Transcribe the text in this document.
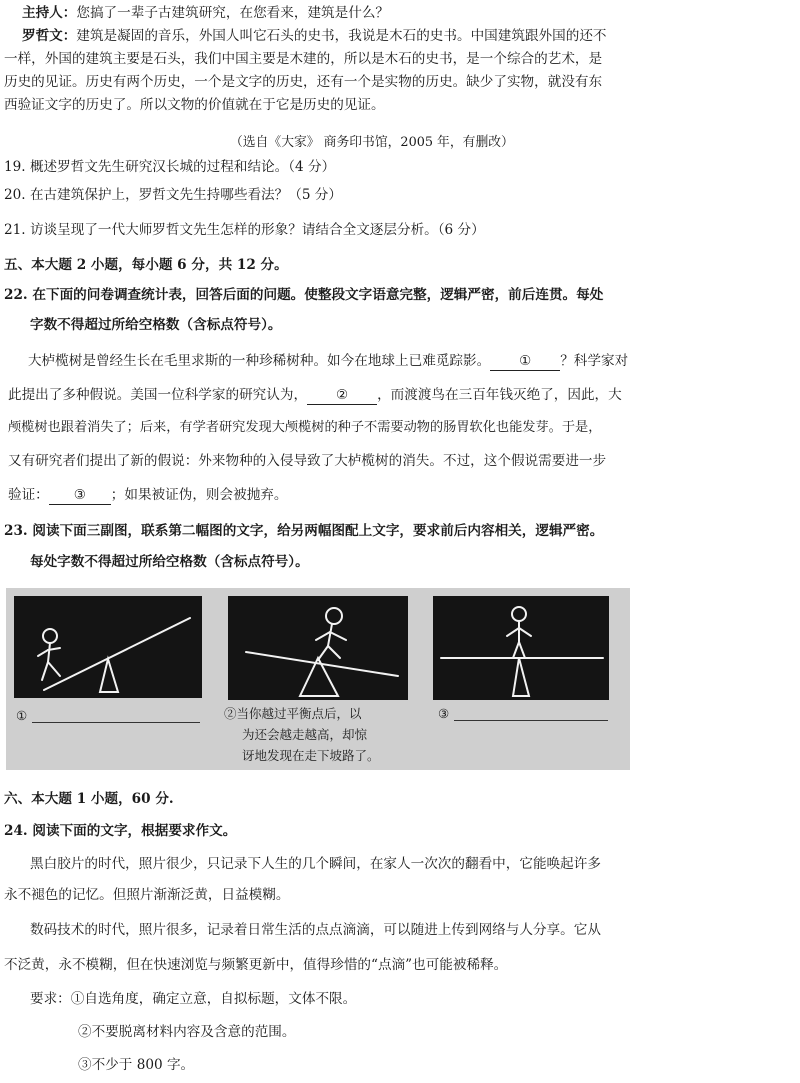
主持人：您搞了一辈子古建筑研究，在您看来，建筑是什么？
罗哲文：建筑是凝固的音乐，外国人叫它石头的史书，我说是木石的史书。中国建筑跟外国的还不
一样，外国的建筑主要是石头，我们中国主要是木建的，所以是木石的史书，是一个综合的艺术，是
历史的见证。历史有两个历史，一个是文字的历史，还有一个是实物的历史。缺少了实物，就没有东
西验证文字的历史了。所以文物的价值就在于它是历史的见证。
（选自《大家》 商务印书馆，2005 年，有删改）
19. 概述罗哲文先生研究汉长城的过程和结论。（4 分）
20. 在古建筑保护上，罗哲文先生持哪些看法？（5 分）
21. 访谈呈现了一代大师罗哲文先生怎样的形象？请结合全文逐层分析。（6 分）
五、本大题 2 小题，每小题 6 分，共 12 分。
22. 在下面的问卷调查统计表，回答后面的问题。使整段文字语意完整，逻辑严密，前后连贯。每处
字数不得超过所给空格数（含标点符号）。
大栌榄树是曾经生长在毛里求斯的一种珍稀树种。如今在地球上已难觅踪影。 ① ？科学家对
此提出了多种假说。美国一位科学家的研究认为， ② ，而渡渡鸟在三百年钱灭绝了，因此，大
颅榄树也跟着消失了；后来，有学者研究发现大颅榄树的种子不需要动物的肠胃软化也能发芽。于是，
又有研究者们提出了新的假说：外来物种的入侵导致了大栌榄树的消失。不过，这个假说需要进一步
验证： ③ ；如果被证伪，则会被抛弃。
23. 阅读下面三副图，联系第二幅图的文字，给另两幅图配上文字，要求前后内容相关，逻辑严密。
每处字数不得超过所给空格数（含标点符号）。
①	②当你越过平衡点后，以
为还会越走越高，却惊
讶地发现在走下坡路了。
③
六、本大题 1 小题，60 分.
24. 阅读下面的文字，根据要求作文。
黑白胶片的时代，照片很少，只记录下人生的几个瞬间，在家人一次次的翻看中，它能唤起许多
永不褪色的记忆。但照片渐渐泛黄，日益模糊。
数码技术的时代，照片很多，记录着日常生活的点点滴滴，可以随进上传到网络与人分享。它从
不泛黄，永不模糊，但在快速浏览与频繁更新中，值得珍惜的“点滴”也可能被稀释。
要求：①自选角度，确定立意，自拟标题，文体不限。
②不要脱离材料内容及含意的范围。
③不少于 800 字。
